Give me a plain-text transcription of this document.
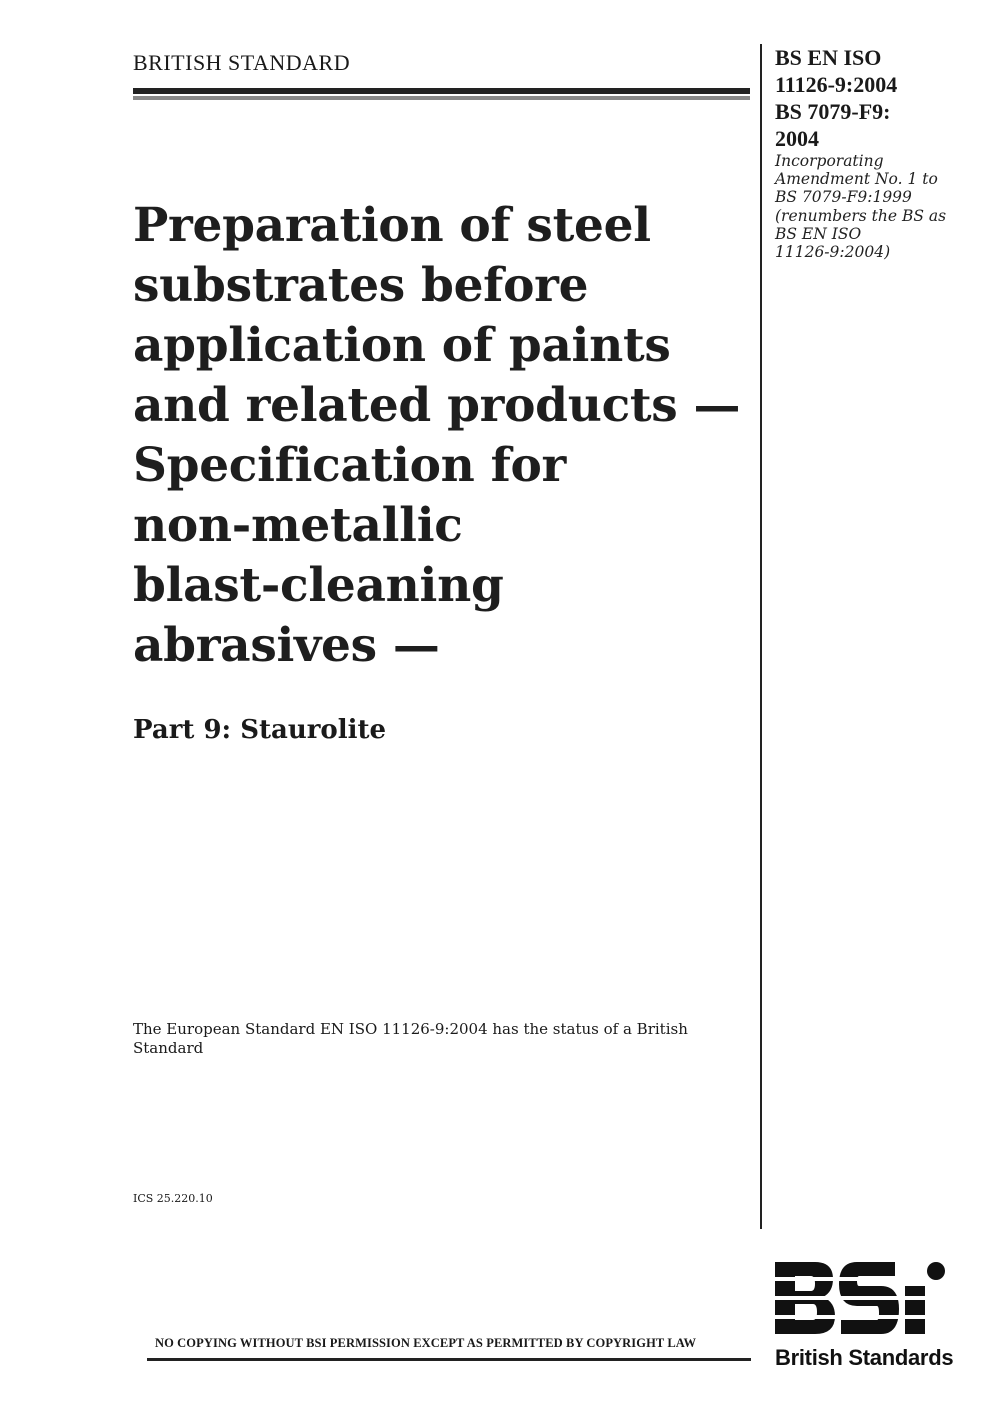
BRITISH STANDARD	BS EN ISO
11126-9:2004
BS 7079-F9:
2004
Incorporating
Amendment No. 1 to
BS 7079-F9:1999
(renumbers the BS as
BS EN ISO
11126-9:2004)
Preparation of steel
substrates before
application of paints
and related products —
Specification for
non-metallic
blast-cleaning
abrasives —
Part 9: Staurolite
The European Standard EN ISO 11126-9:2004 has the status of a British Standard
ICS 25.220.10
NO COPYING WITHOUT BSI PERMISSION EXCEPT AS PERMITTED BY COPYRIGHT LAW
British Standards
